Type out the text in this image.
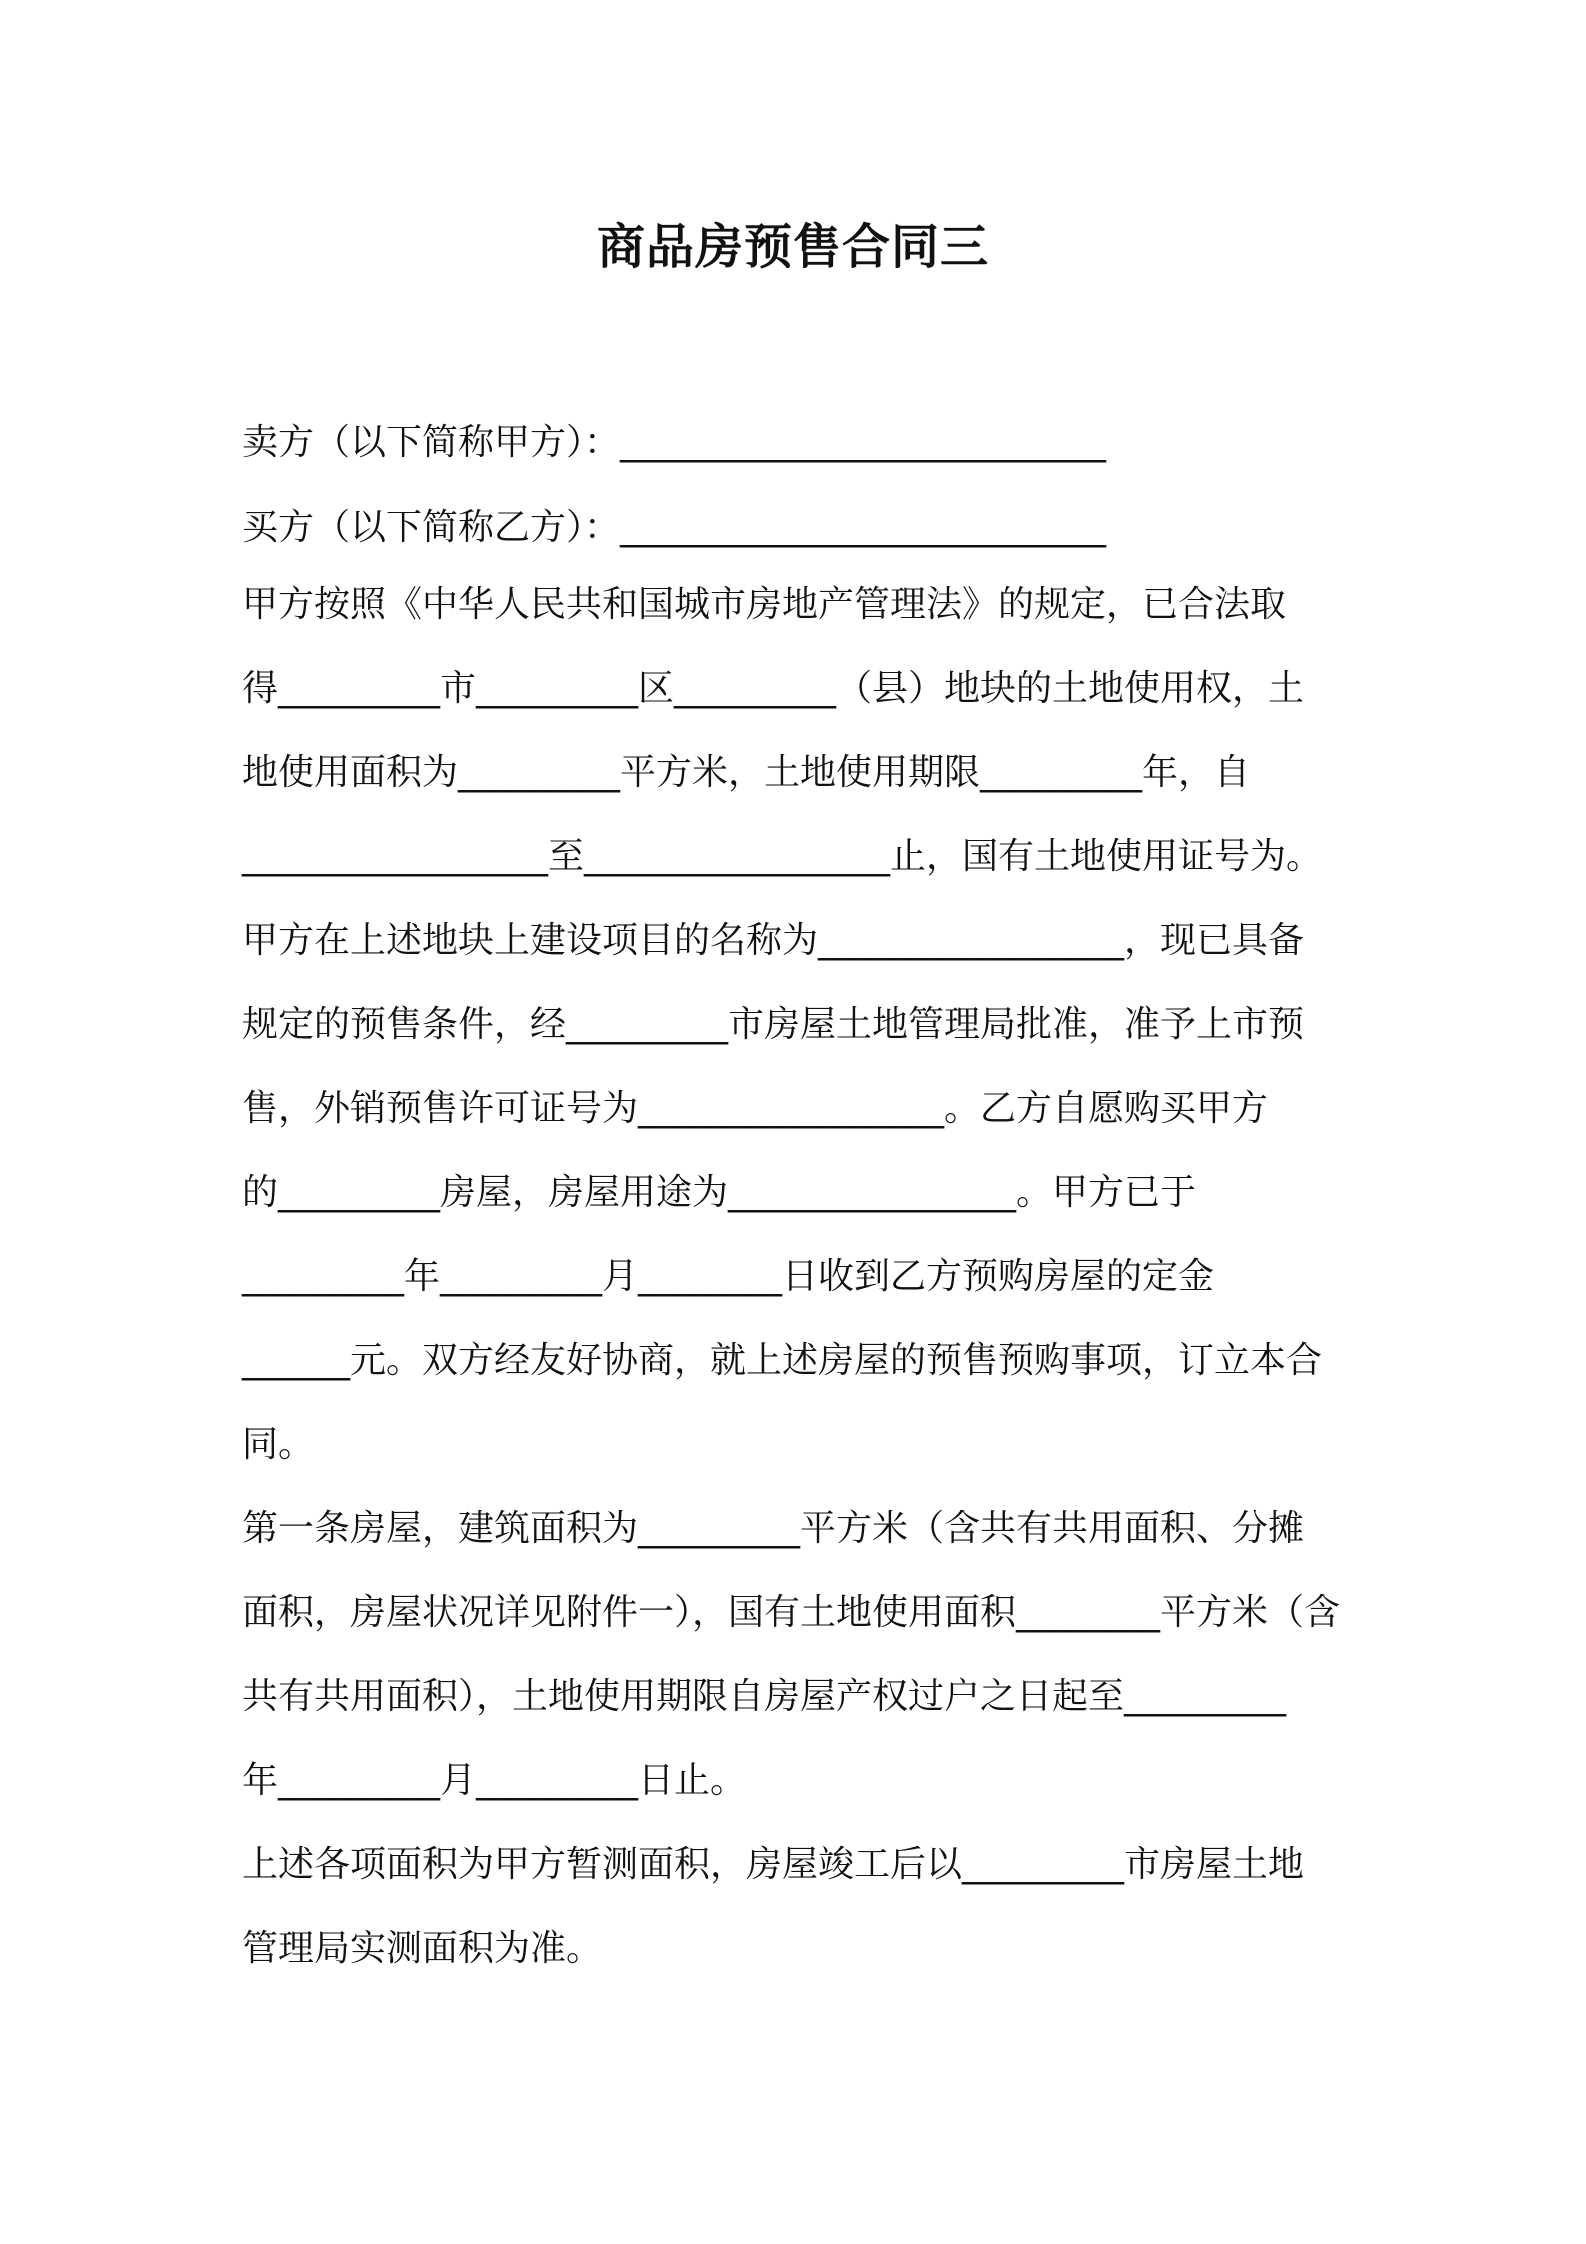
商品房预售合同三
卖方（以下简称甲方）：___________________________
买方（以下简称乙方）：___________________________
甲方按照《中华人民共和国城市房地产管理法》的规定，已合法取
得_________市_________区_________（县）地块的土地使用权，土
地使用面积为_________平方米，土地使用期限_________年，自
_________________至_________________止，国有土地使用证号为。
甲方在上述地块上建设项目的名称为_________________，现已具备
规定的预售条件，经_________市房屋土地管理局批准，准予上市预
售，外销预售许可证号为_________________。乙方自愿购买甲方
的_________房屋，房屋用途为________________。甲方已于
_________年_________月________日收到乙方预购房屋的定金
______元。双方经友好协商，就上述房屋的预售预购事项，订立本合
同。
第一条房屋，建筑面积为_________平方米（含共有共用面积、分摊
面积，房屋状况详见附件一），国有土地使用面积________平方米（含
共有共用面积），土地使用期限自房屋产权过户之日起至_________
年_________月_________日止。
上述各项面积为甲方暂测面积，房屋竣工后以_________市房屋土地
管理局实测面积为准。
